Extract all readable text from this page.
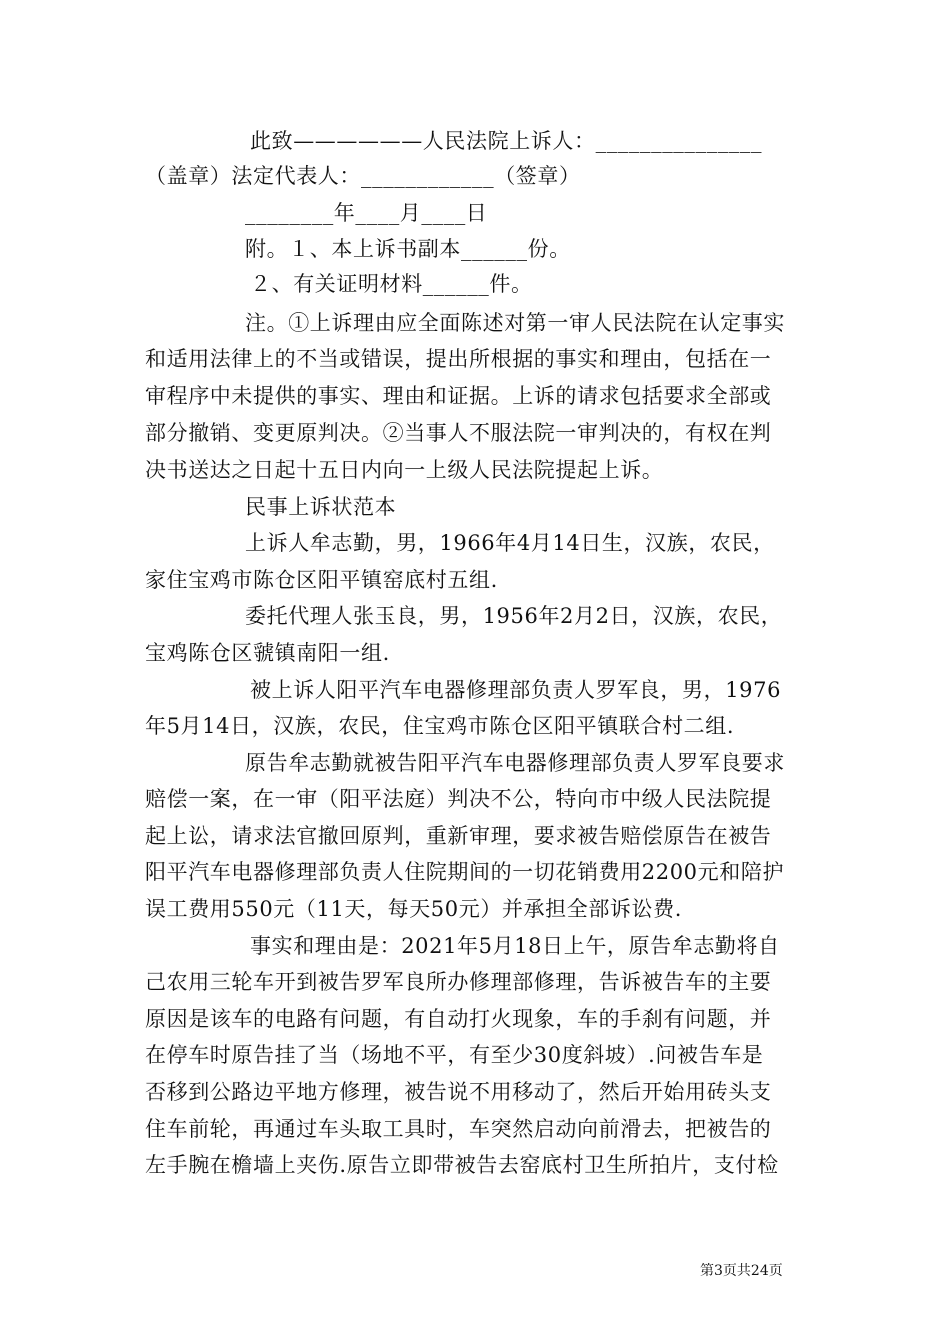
此致——————人民法院上诉人：_______________
（盖章）法定代表人：____________（签章）
________年____月____日
附。１、本上诉书副本______份。
２、有关证明材料______件。
注。①上诉理由应全面陈述对第一审人民法院在认定事实
和适用法律上的不当或错误，提出所根据的事实和理由，包括在一
审程序中未提供的事实、理由和证据。上诉的请求包括要求全部或
部分撤销、变更原判决。②当事人不服法院一审判决的，有权在判
决书送达之日起十五日内向一上级人民法院提起上诉。
民事上诉状范本
上诉人牟志勤，男，1966年4月14日生，汉族，农民，
家住宝鸡市陈仓区阳平镇窑底村五组.
委托代理人张玉良，男，1956年2月2日，汉族，农民，
宝鸡陈仓区虢镇南阳一组.
被上诉人阳平汽车电器修理部负责人罗军良，男，1976
年5月14日，汉族，农民，住宝鸡市陈仓区阳平镇联合村二组.
原告牟志勤就被告阳平汽车电器修理部负责人罗军良要求
赔偿一案，在一审（阳平法庭）判决不公，特向市中级人民法院提
起上讼，请求法官撤回原判，重新审理，要求被告赔偿原告在被告
阳平汽车电器修理部负责人住院期间的一切花销费用2200元和陪护
误工费用550元（11天，每天50元）并承担全部诉讼费.
事实和理由是：2021年5月18日上午，原告牟志勤将自
己农用三轮车开到被告罗军良所办修理部修理，告诉被告车的主要
原因是该车的电路有问题，有自动打火现象，车的手刹有问题，并
在停车时原告挂了当（场地不平，有至少30度斜坡）.问被告车是
否移到公路边平地方修理，被告说不用移动了，然后开始用砖头支
住车前轮，再通过车头取工具时，车突然启动向前滑去，把被告的
左手腕在檐墙上夹伤.原告立即带被告去窑底村卫生所拍片，支付检
第3页共24页
